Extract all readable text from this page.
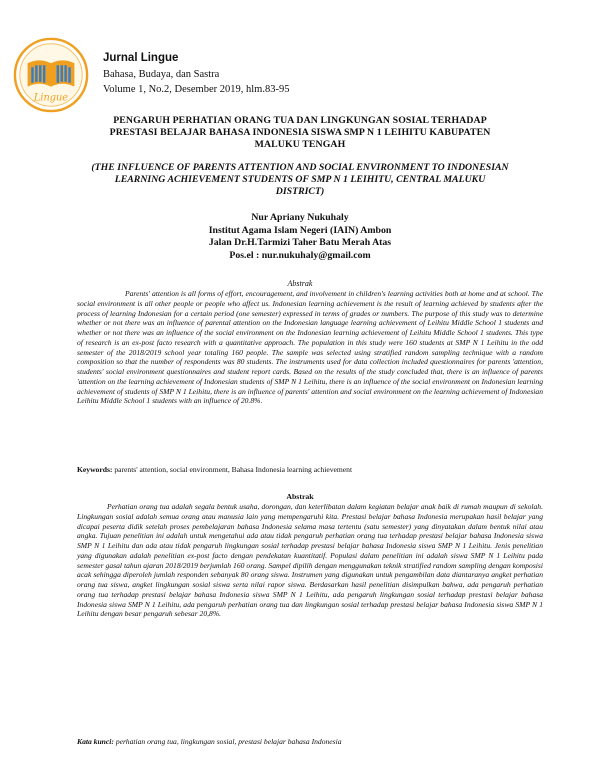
Lingue
Jurnal Lingue
Bahasa, Budaya, dan Sastra
Volume 1, No.2, Desember 2019, hlm.83-95
PENGARUH PERHATIAN ORANG TUA DAN LINGKUNGAN SOSIAL TERHADAP PRESTASI BELAJAR BAHASA INDONESIA SISWA SMP N 1 LEIHITU KABUPATEN MALUKU TENGAH
(THE INFLUENCE OF PARENTS ATTENTION AND SOCIAL ENVIRONMENT TO INDONESIAN LEARNING ACHIEVEMENT STUDENTS OF SMP N 1 LEIHITU, CENTRAL MALUKU DISTRICT)
Nur Apriany Nukuhaly
Institut Agama Islam Negeri (IAIN) Ambon
Jalan Dr.H.Tarmizi Taher Batu Merah Atas
Pos.el : nur.nukuhaly@gmail.com
Abstrak

Parents' attention is all forms of effort, encouragement, and involvement in children's learning activities both at home and at school. The social environment is all other people or people who affect us. Indonesian learning achievement is the result of learning achieved by students after the process of learning Indonesian for a certain period (one semester) expressed in terms of grades or numbers. The purpose of this study was to determine whether or not there was an influence of parental attention on the Indonesian language learning achievement of Leihitu Middle School 1 students and whether or not there was an influence of the social environment on the Indonesian learning achievement of Leihitu Middle School 1 students. This type of research is an ex-post facto research with a quantitative approach. The population in this study were 160 students at SMP N 1 Leihitu in the odd semester of the 2018/2019 school year totaling 160 people. The sample was selected using stratified random sampling technique with a random composition so that the number of respondents was 80 students. The instruments used for data collection included questionnaires for parents 'attention, students' social environment questionnaires and student report cards. Based on the results of the study concluded that, there is an influence of parents 'attention on the learning achievement of Indonesian students of SMP N 1 Leihitu, there is an influence of the social environment on Indonesian learning achievement of students of SMP N 1 Leihitu, there is an influence of parents' attention and social environment on the learning achievement of Indonesian Leihitu Middle School 1 students with an influence of 20.8%.

Keywords: parents' attention, social environment, Bahasa Indonesia learning achievement
Abstrak

Perhatian orang tua adalah segala bentuk usaha, dorongan, dan keterlibatan dalam kegiatan belajar anak baik di rumah maupun di sekolah. Lingkungan sosial adalah semua orang atau manusia lain yang mempengaruhi kita. Prestasi belajar bahasa Indonesia merupakan hasil belajar yang dicapai peserta didik setelah proses pembelajaran bahasa Indonesia selama masa tertentu (satu semester) yang dinyatakan dalam bentuk nilai atau angka. Tujuan penelitian ini adalah untuk mengetahui ada atau tidak pengaruh perhatian orang tua terhadap prestasi belajar bahasa Indonesia siswa SMP N 1 Leihitu dan ada atau tidak pengaruh lingkungan sosial terhadap prestasi belajar bahasa Indonesia siswa SMP N 1 Leihitu. Jenis penelitian yang digunakan adalah penelitian ex-post facto dengan pendekatan kuantitatif. Populasi dalam penelitian ini adalah siswa SMP N 1 Leihitu pada semester gasal tahun ajaran 2018/2019 berjumlah 160 orang. Sampel dipilih dengan menggunakan teknik stratified random sampling dengan komposisi acak sehingga diperoleh jumlah responden sebanyak 80 orang siswa. Instrumen yang digunakan untuk pengambilan data diantaranya angket perhatian orang tua siswa, angket lingkungan sosial siswa serta nilai rapor siswa. Berdasarkan hasil penelitian disimpulkan bahwa, ada pengaruh perhatian orang tua terhadap prestasi belajar bahasa Indonesia siswa SMP N 1 Leihitu, ada pengaruh lingkungan sosial terhadap prestasi belajar bahasa Indonesia siswa SMP N 1 Leihitu, ada pengaruh perhatian orang tua dan lingkungan sosial terhadap prestasi belajar bahasa Indonesia siswa SMP N 1 Leihitu dengan besar pengaruh sebesar 20,8%.

Kata kunci: perhatian orang tua, lingkungan sosial, prestasi belajar bahasa Indonesia
